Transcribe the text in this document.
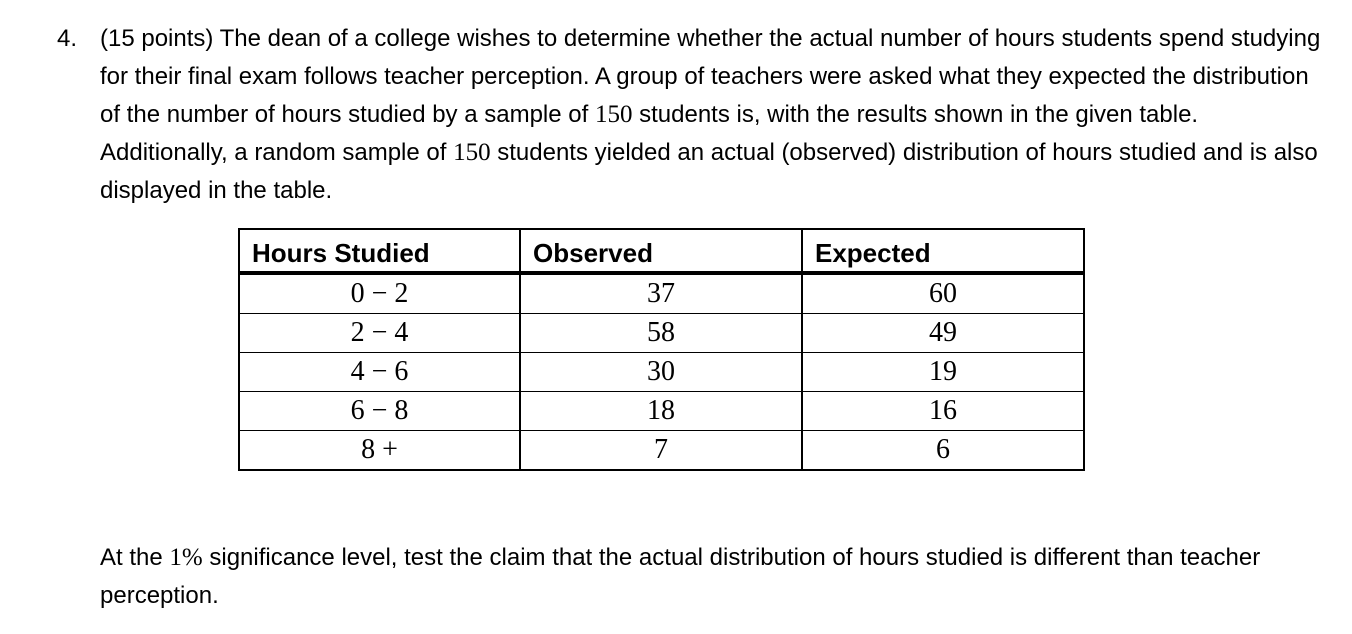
4. (15 points) The dean of a college wishes to determine whether the actual number of hours students spend studying for their final exam follows teacher perception. A group of teachers were asked what they expected the distribution of the number of hours studied by a sample of 150 students is, with the results shown in the given table. Additionally, a random sample of 150 students yielded an actual (observed) distribution of hours studied and is also displayed in the table.
Hours Studied	Observed	Expected
0 − 2	37	60
2 − 4	58	49
4 − 6	30	19
6 − 8	18	16
8 +	7	6
At the 1% significance level, test the claim that the actual distribution of hours studied is different than teacher perception.
